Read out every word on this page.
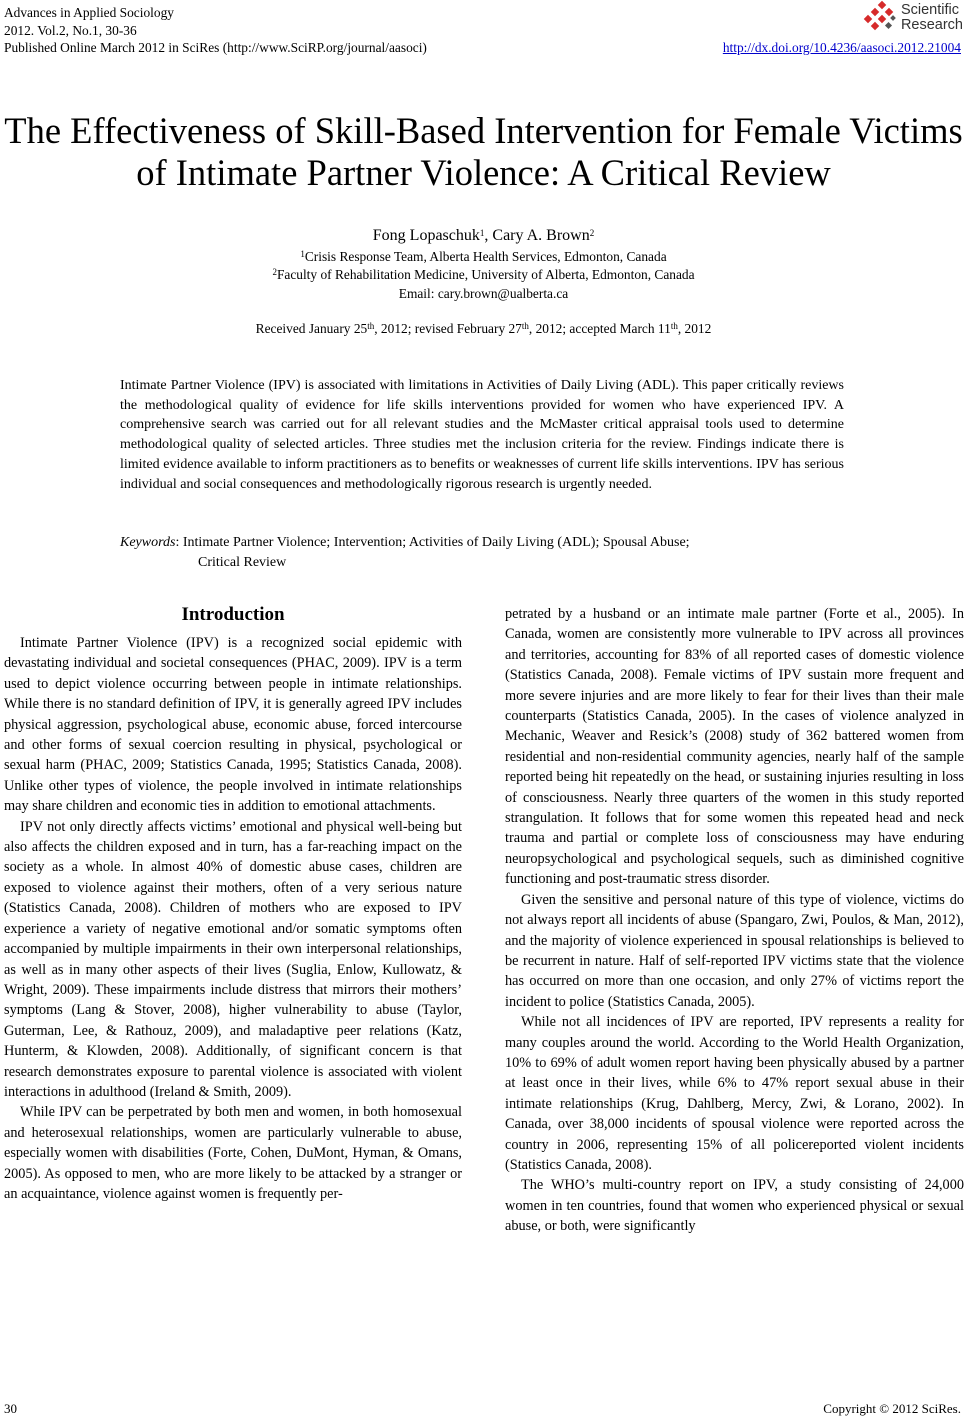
Advances in Applied Sociology
2012. Vol.2, No.1, 30-36
Published Online March 2012 in SciRes (http://www.SciRP.org/journal/aasoci)
Scientific
Research
http://dx.doi.org/10.4236/aasoci.2012.21004
The Effectiveness of Skill-Based Intervention for Female Victims
of Intimate Partner Violence: A Critical Review
Fong Lopaschuk$^1$, Cary A. Brown$^2$
$^1$Crisis Response Team, Alberta Health Services, Edmonton, Canada
$^2$Faculty of Rehabilitation Medicine, University of Alberta, Edmonton, Canada
Email: cary.brown@ualberta.ca
Received January 25th, 2012; revised February 27th, 2012; accepted March 11th, 2012
Intimate Partner Violence (IPV) is associated with limitations in Activities of Daily Living (ADL). This paper critically reviews the methodological quality of evidence for life skills interventions provided for women who have experienced IPV. A comprehensive search was carried out for all relevant studies and the McMaster critical appraisal tools used to determine methodological quality of selected articles. Three studies met the inclusion criteria for the review. Findings indicate there is limited evidence available to inform practitioners as to benefits or weaknesses of current life skills interventions. IPV has serious individual and social consequences and methodologically rigorous research is urgently needed.
Keywords : Intimate Partner Violence; Intervention; Activities of Daily Living (ADL); Spousal Abuse;
Critical Review
Introduction

Intimate Partner Violence (IPV) is a recognized social epidemic with devastating individual and societal consequences (PHAC, 2009). IPV is a term used to depict violence occurring between people in intimate relationships. While there is no standard definition of IPV, it is generally agreed IPV includes physical aggression, psychological abuse, economic abuse, forced intercourse and other forms of sexual coercion resulting in physical, psychological or sexual harm (PHAC, 2009; Statistics Canada, 1995; Statistics Canada, 2008). Unlike other types of violence, the people involved in intimate relationships may share children and economic ties in addition to emotional attachments.

IPV not only directly affects victims’ emotional and physical well-being but also affects the children exposed and in turn, has a far-reaching impact on the society as a whole. In almost 40% of domestic abuse cases, children are exposed to violence against their mothers, often of a very serious nature (Statistics Canada, 2008). Children of mothers who are exposed to IPV experience a variety of negative emotional and/or somatic symptoms often accompanied by multiple impairments in their own interpersonal relationships, as well as in many other aspects of their lives (Suglia, Enlow, Kullowatz, & Wright, 2009). These impairments include distress that mirrors their mothers’ symptoms (Lang & Stover, 2008), higher vulnerability to abuse (Taylor, Guterman, Lee, & Rathouz, 2009), and maladaptive peer relations (Katz, Hunterm, & Klowden, 2008). Additionally, of significant concern is that research demonstrates exposure to parental violence is associated with violent interactions in adulthood (Ireland & Smith, 2009).

While IPV can be perpetrated by both men and women, in both homosexual and heterosexual relationships, women are particularly vulnerable to abuse, especially women with disabilities (Forte, Cohen, DuMont, Hyman, & Omans, 2005). As opposed to men, who are more likely to be attacked by a stranger or an acquaintance, violence against women is frequently per-

petrated by a husband or an intimate male partner (Forte et al., 2005). In Canada, women are consistently more vulnerable to IPV across all provinces and territories, accounting for 83% of all reported cases of domestic violence (Statistics Canada, 2008). Female victims of IPV sustain more frequent and more severe injuries and are more likely to fear for their lives than their male counterparts (Statistics Canada, 2005). In the cases of violence analyzed in Mechanic, Weaver and Resick’s (2008) study of 362 battered women from residential and non-residential community agencies, nearly half of the sample reported being hit repeatedly on the head, or sustaining injuries resulting in loss of consciousness. Nearly three quarters of the women in this study reported strangulation. It follows that for some women this repeated head and neck trauma and partial or complete loss of consciousness may have enduring neuropsychological and psychological sequels, such as diminished cognitive functioning and post-traumatic stress disorder.

Given the sensitive and personal nature of this type of violence, victims do not always report all incidents of abuse (Spangaro, Zwi, Poulos, & Man, 2012), and the majority of violence experienced in spousal relationships is believed to be recurrent in nature. Half of self-reported IPV victims state that the violence has occurred on more than one occasion, and only 27% of victims report the incident to police (Statistics Canada, 2005).

While not all incidences of IPV are reported, IPV represents a reality for many couples around the world. According to the World Health Organization, 10% to 69% of adult women report having been physically abused by a partner at least once in their lives, while 6% to 47% report sexual abuse in their intimate relationships (Krug, Dahlberg, Mercy, Zwi, & Lorano, 2002). In Canada, over 38,000 incidents of spousal violence were reported across the country in 2006, representing 15% of all policereported violent incidents (Statistics Canada, 2008).

The WHO’s multi-country report on IPV, a study consisting of 24,000 women in ten countries, found that women who experienced physical or sexual abuse, or both, were significantly

30	Copyright © 2012 SciRes.
